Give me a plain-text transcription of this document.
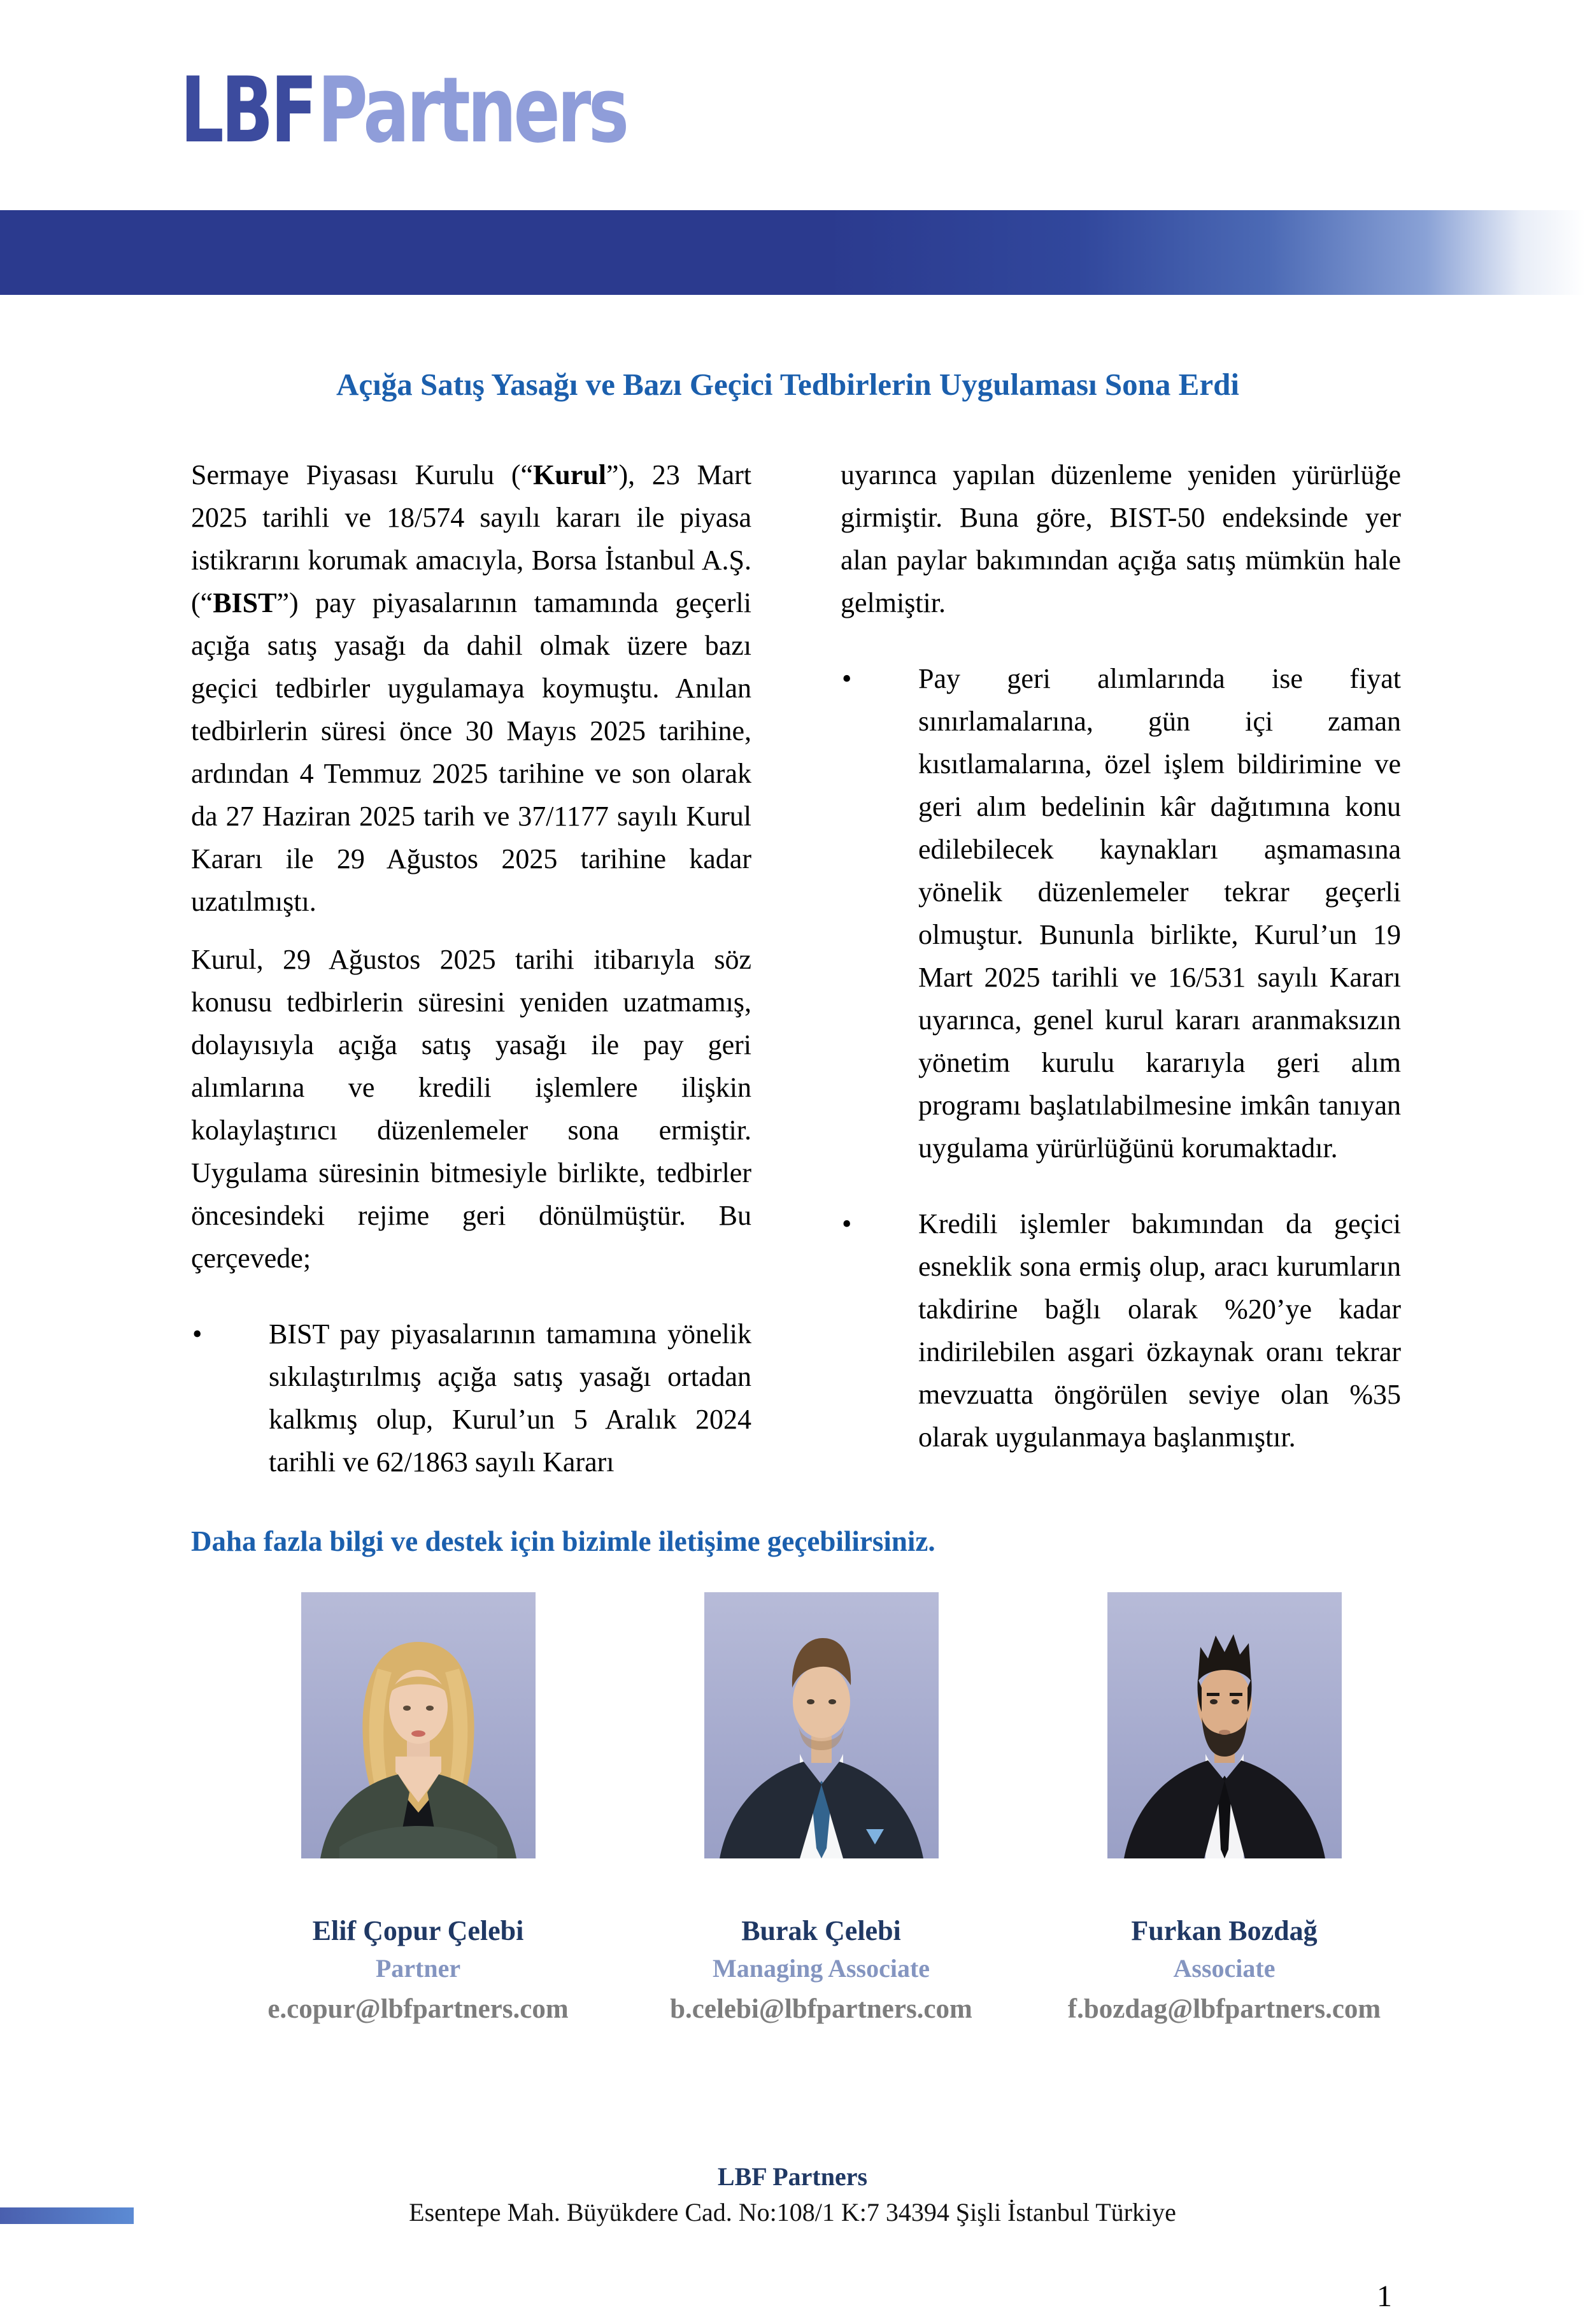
LBFPartners
Açığa Satış Yasağı ve Bazı Geçici Tedbirlerin Uygulaması Sona Erdi

Sermaye Piyasası Kurulu (“Kurul”), 23 Mart 2025 tarihli ve 18/574 sayılı kararı ile piyasa istikrarını korumak amacıyla, Borsa İstanbul A.Ş. (“BIST”) pay piyasalarının tamamında geçerli açığa satış yasağı da dahil olmak üzere bazı geçici tedbirler uygulamaya koymuştu. Anılan tedbirlerin süresi önce 30 Mayıs 2025 tarihine, ardından 4 Temmuz 2025 tarihine ve son olarak da 27 Haziran 2025 tarih ve 37/1177 sayılı Kurul Kararı ile 29 Ağustos 2025 tarihine kadar uzatılmıştı.

Kurul, 29 Ağustos 2025 tarihi itibarıyla söz konusu tedbirlerin süresini yeniden uzatmamış, dolayısıyla açığa satış yasağı ile pay geri alımlarına ve kredili işlemlere ilişkin kolaylaştırıcı düzenlemeler sona ermiştir. Uygulama süresinin bitmesiyle birlikte, tedbirler öncesindeki rejime geri dönülmüştür. Bu çerçevede;

•	BIST pay piyasalarının tamamına yönelik sıkılaştırılmış açığa satış yasağı ortadan kalkmış olup, Kurul’un 5 Aralık 2024 tarihli ve 62/1863 sayılı Kararı

uyarınca yapılan düzenleme yeniden yürürlüğe girmiştir. Buna göre, BIST-50 endeksinde yer alan paylar bakımından açığa satış mümkün hale gelmiştir.

•	Pay geri alımlarında ise fiyat sınırlamalarına, gün içi zaman kısıtlamalarına, özel işlem bildirimine ve geri alım bedelinin kâr dağıtımına konu edilebilecek kaynakları aşmamasına yönelik düzenlemeler tekrar geçerli olmuştur. Bununla birlikte, Kurul’un 19 Mart 2025 tarihli ve 16/531 sayılı Kararı uyarınca, genel kurul kararı aranmaksızın yönetim kurulu kararıyla geri alım programı başlatılabilmesine imkân tanıyan uygulama yürürlüğünü korumaktadır.
•	Kredili işlemler bakımından da geçici esneklik sona ermiş olup, aracı kurumların takdirine bağlı olarak %20’ye kadar indirilebilen asgari özkaynak oranı tekrar mevzuatta öngörülen seviye olan %35 olarak uygulanmaya başlanmıştır.
Daha fazla bilgi ve destek için bizimle iletişime geçebilirsiniz.
Elif Çopur Çelebi
Partner
e.copur@lbfpartners.com
Burak Çelebi
Managing Associate
b.celebi@lbfpartners.com
Furkan Bozdağ
Associate
f.bozdag@lbfpartners.com
LBF Partners
Esentepe Mah. Büyükdere Cad. No:108/1 K:7 34394 Şişli İstanbul Türkiye
1
